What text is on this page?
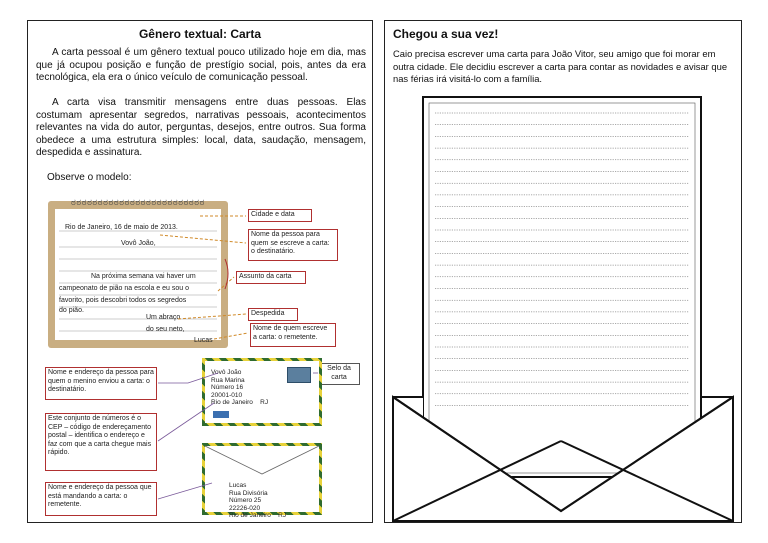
Gênero textual: Carta
A carta pessoal é um gênero textual pouco utilizado hoje em dia, mas que já ocupou posição e função de prestígio social, pois, antes da era tecnológica, ela era o único veículo de comunicação pessoal.
A carta visa transmitir mensagens entre duas pessoas. Elas costumam apresentar segredos, narrativas pessoais, acontecimentos relevantes na vida do autor, perguntas, desejos, entre outros. Sua forma obedece a uma estrutura simples: local, data, saudação, mensagem, despedida e assinatura.
Observe o modelo:
ಠಠಠಠಠಠಠಠಠಠಠಠಠಠಠಠಠಠಠಠಠಠಠಠಠ
Rio de Janeiro, 16 de maio de 2013.
Vovô João,
Na próxima semana vai haver um
campeonato de pião na escola e eu sou o
favorito, pois descobri todos os segredos
do pião.
Um abraço
do seu neto,
Lucas
Cidade e data
Nome da pessoa para quem se escreve a carta: o destinatário.
Assunto da carta
Despedida
Nome de quem escreve a carta: o remetente.
Nome e endereço da pessoa para quem o menino enviou a carta: o destinatário.
Este conjunto de números é o CEP – código de endereçamento postal – identifica o endereço e faz com que a carta chegue mais rápido.
Nome e endereço da pessoa que está mandando a carta: o remetente.
Selo da carta
Vovô João
Rua Marina
Número 16
20001-010
Rio de Janeiro    RJ
Lucas
Rua Divisória
Número 25
22226-020
Rio de Janeiro    RJ
Chegou a sua vez!
Caio precisa escrever uma carta para João Vitor, seu amigo que foi morar em outra cidade. Ele decidiu escrever a carta para contar as novidades e avisar que nas férias irá visitá-lo com a família.
